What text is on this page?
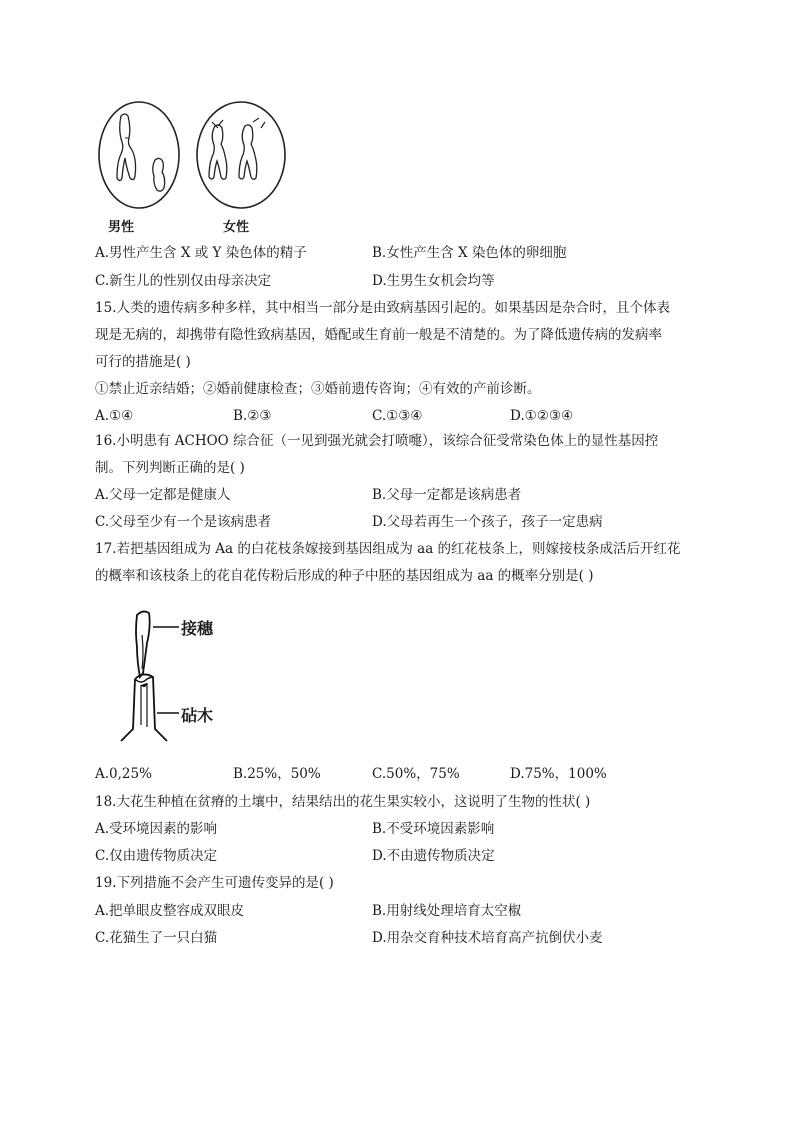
男性	女性
A.男性产生含 X 或 Y 染色体的精子	B.女性产生含 X 染色体的卵细胞
C.新生儿的性别仅由母亲决定	D.生男生女机会均等
15.人类的遗传病多种多样，其中相当一部分是由致病基因引起的。如果基因是杂合时，且个体表
现是无病的，却携带有隐性致病基因，婚配或生育前一般是不清楚的。为了降低遗传病的发病率
可行的措施是( )
①禁止近亲结婚；②婚前健康检查；③婚前遗传咨询；④有效的产前诊断。
A.①④	B.②③	C.①③④	D.①②③④
16.小明患有 ACHOO 综合征（一见到强光就会打喷嚏），该综合征受常染色体上的显性基因控
制。下列判断正确的是( )
A.父母一定都是健康人	B.父母一定都是该病患者
C.父母至少有一个是该病患者	D.父母若再生一个孩子，孩子一定患病
17.若把基因组成为 Aa 的白花枝条嫁接到基因组成为 aa 的红花枝条上，则嫁接枝条成活后开红花
的概率和该枝条上的花自花传粉后形成的种子中胚的基因组成为 aa 的概率分别是( )
接穗
砧木
A.0,25%	B.25%，50%	C.50%，75%	D.75%，100%
18.大花生种植在贫瘠的土壤中，结果结出的花生果实较小，这说明了生物的性状( )
A.受环境因素的影响	B.不受环境因素影响
C.仅由遗传物质决定	D.不由遗传物质决定
19.下列措施不会产生可遗传变异的是( )
A.把单眼皮整容成双眼皮	B.用射线处理培育太空椒
C.花猫生了一只白猫	D.用杂交育种技术培育高产抗倒伏小麦
